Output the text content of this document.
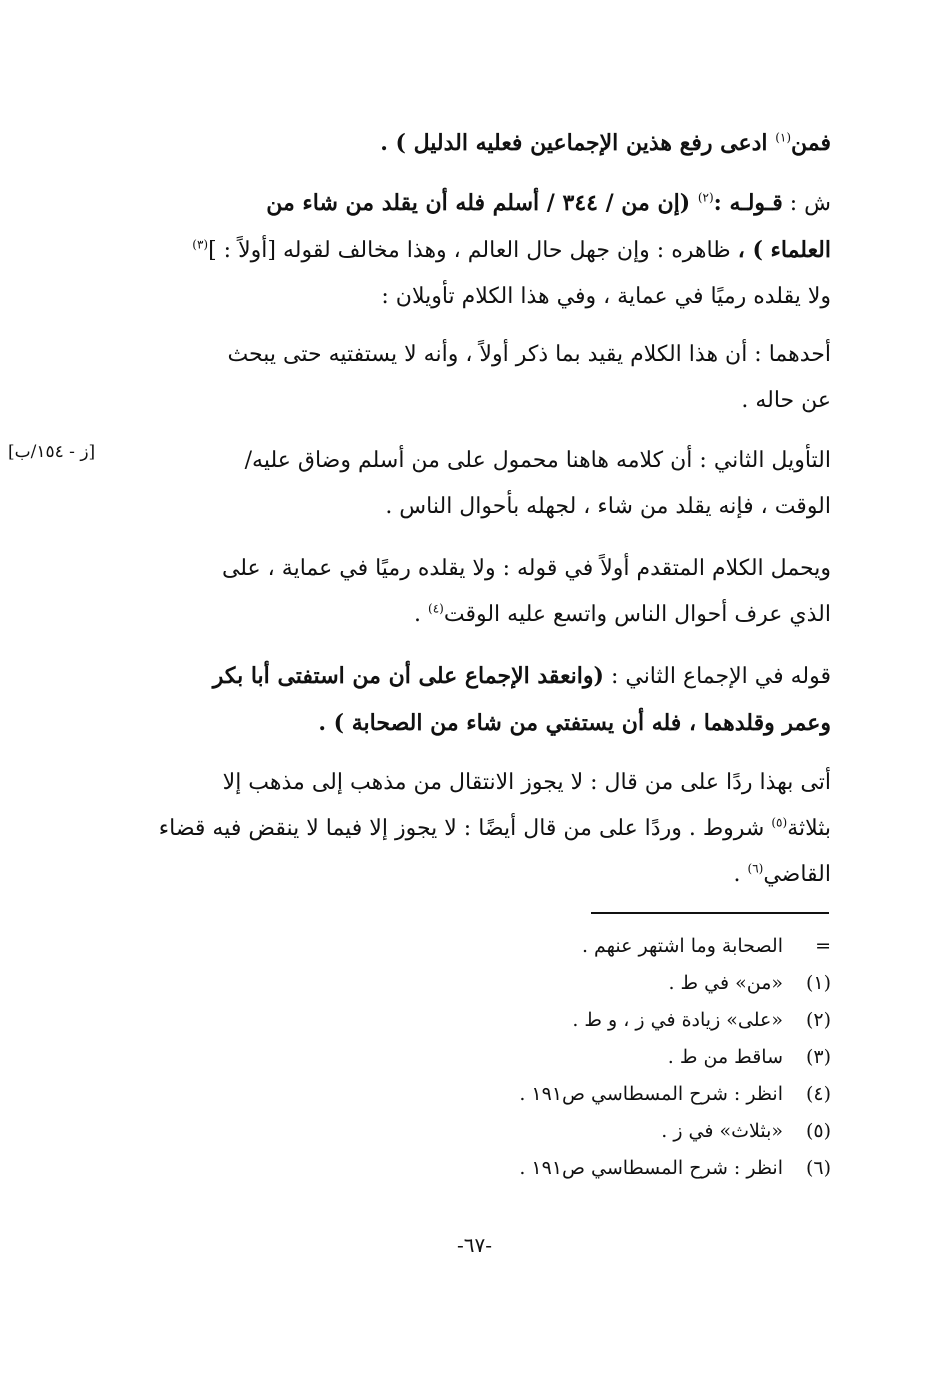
فمن$^{(١)}$ ادعى رفع هذين الإجماعين فعليه الدليل ) .
ش : قـولـه :$^{(٢)}$ (إن من / ٣٤٤ / أسلم فله أن يقلد من شاء من
العلماء ) ، ظاهره : وإن جهل حال العالم ، وهذا مخالف لقوله [أولاً : ]$^{(٣)}$
ولا يقلده رميًا في عماية ، وفي هذا الكلام تأويلان :
أحدهما : أن هذا الكلام يقيد بما ذكر أولاً ، وأنه لا يستفتيه حتى يبحث
عن حاله .
التأويل الثاني : أن كلامه هاهنا محمول على من أسلم وضاق عليه/
الوقت ، فإنه يقلد من شاء ، لجهله بأحوال الناس .
ويحمل الكلام المتقدم أولاً في قوله : ولا يقلده رميًا في عماية ، على
الذي عرف أحوال الناس واتسع عليه الوقت$^{(٤)}$ .
قوله في الإجماع الثاني : (وانعقد الإجماع على أن من استفتى أبا بكر
وعمر وقلدهما ، فله أن يستفتي من شاء من الصحابة ) .
أتى بهذا ردًا على من قال : لا يجوز الانتقال من مذهب إلى مذهب إلا
بثلاثة$^{(٥)}$ شروط . وردًا على من قال أيضًا : لا يجوز إلا فيما لا ينقض فيه قضاء
القاضي$^{(٦)}$ .
[ز - ١٥٤/ب]
=
الصحابة وما اشتهر عنهم .
(١)
«من» في ط .
(٢)
«على» زيادة في ز ، و ط .
(٣)
ساقط من ط .
(٤)
انظر : شرح المسطاسي ص١٩١ .
(٥)
«بثلاث» في ز .
(٦)
انظر : شرح المسطاسي ص١٩١ .
-٦٧-
